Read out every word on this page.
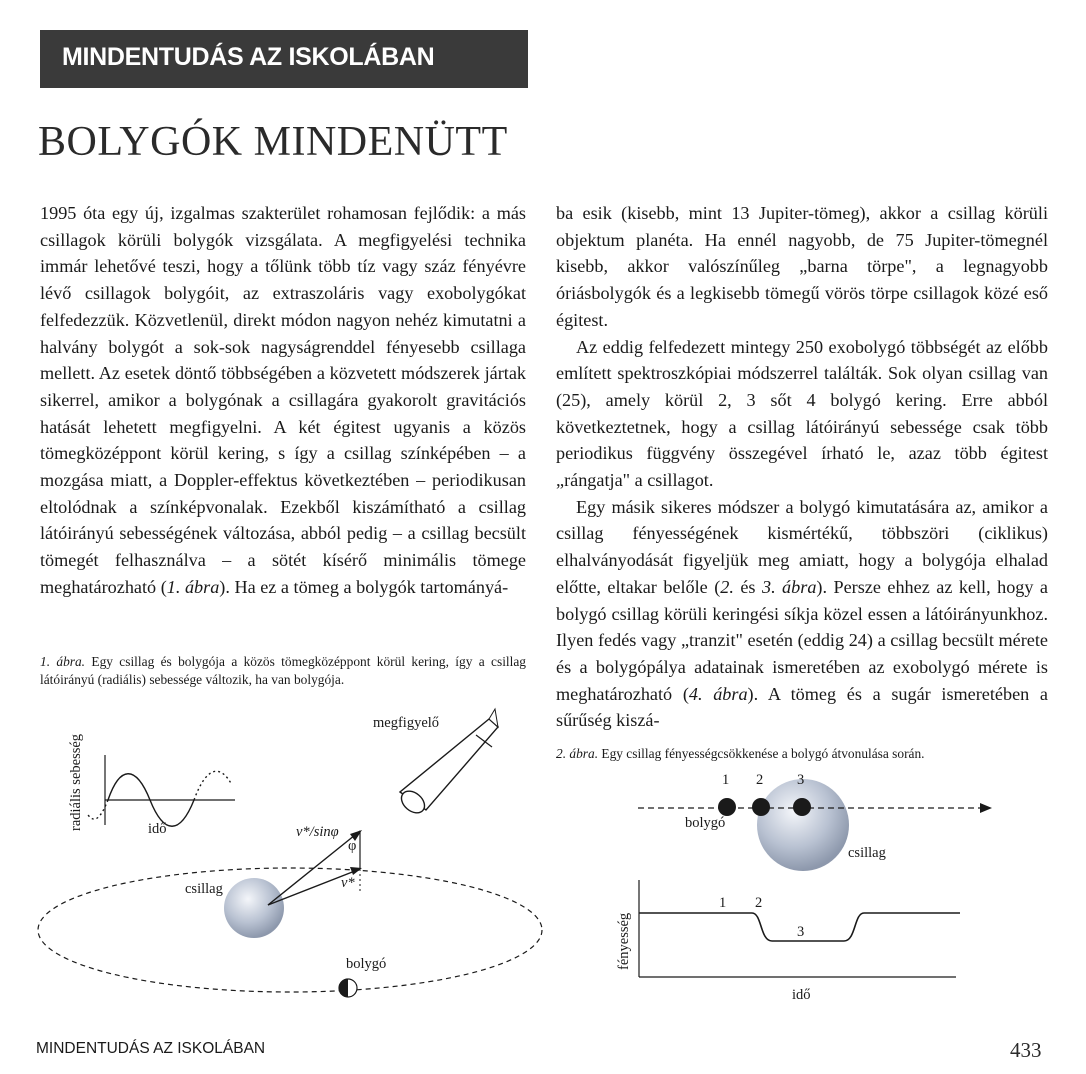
MINDENTUDÁS AZ ISKOLÁBAN
BOLYGÓK MINDENÜTT

1995 óta egy új, izgalmas szakterület rohamosan fejlődik: a más csillagok körüli bolygók vizsgálata. A megfigyelési technika immár lehetővé teszi, hogy a tőlünk több tíz vagy száz fényévre lévő csillagok bolygóit, az extraszoláris vagy exobolygókat felfedezzük. Közvetlenül, direkt módon nagyon nehéz kimutatni a halvány bolygót a sok-sok nagyságrenddel fényesebb csillaga mellett. Az esetek döntő többségében a közvetett módszerek jártak sikerrel, amikor a bolygónak a csillagára gyakorolt gravitációs hatását lehetett megfigyelni. A két égitest ugyanis a közös tömegközéppont körül kering, s így a csillag színképében – a mozgása miatt, a Doppler-effektus következtében – periodikusan eltolódnak a színképvonalak. Ezekből kiszámítható a csillag látóirányú sebességének változása, abból pedig – a csillag becsült tömegét felhasználva – a sötét kísérő minimális tömege meghatározható (1. ábra). Ha ez a tömeg a bolygók tartományá-

ba esik (kisebb, mint 13 Jupiter-tömeg), akkor a csillag körüli objektum planéta. Ha ennél nagyobb, de 75 Jupiter-tömegnél kisebb, akkor valószínűleg „barna törpe", a legnagyobb óriásbolygók és a legkisebb tömegű vörös törpe csillagok közé eső égitest.

Az eddig felfedezett mintegy 250 exobolygó többségét az előbb említett spektroszkópiai módszerrel találták. Sok olyan csillag van (25), amely körül 2, 3 sőt 4 bolygó kering. Erre abból következtetnek, hogy a csillag látóirányú sebessége csak több periodikus függvény összegével írható le, azaz több égitest „rángatja" a csillagot.

Egy másik sikeres módszer a bolygó kimutatására az, amikor a csillag fényességének kismértékű, többszöri (ciklikus) elhalványodását figyeljük meg amiatt, hogy a bolygója elhalad előtte, eltakar belőle (2. és 3. ábra). Persze ehhez az kell, hogy a bolygó csillag körüli keringési síkja közel essen a látóirányunkhoz. Ilyen fedés vagy „tranzit" esetén (eddig 24) a csillag becsült mérete és a bolygópálya adatainak ismeretében az exobolygó mérete is meghatározható (4. ábra). A tömeg és a sugár ismeretében a sűrűség kiszá-

1. ábra. Egy csillag és bolygója a közös tömegközéppont körül kering, így a csillag látóirányú (radiális) sebessége változik, ha van bolygója.
megfigyelő
radiális sebesség	idő
csillag
v*/sinφ
φ
v*
bolygó
2. ábra. Egy csillag fényességcsökkenése a bolygó átvonulása során.
1 2 3
bolygó
csillag
fényesség
idő
1 2
3
MINDENTUDÁS AZ ISKOLÁBAN	433
